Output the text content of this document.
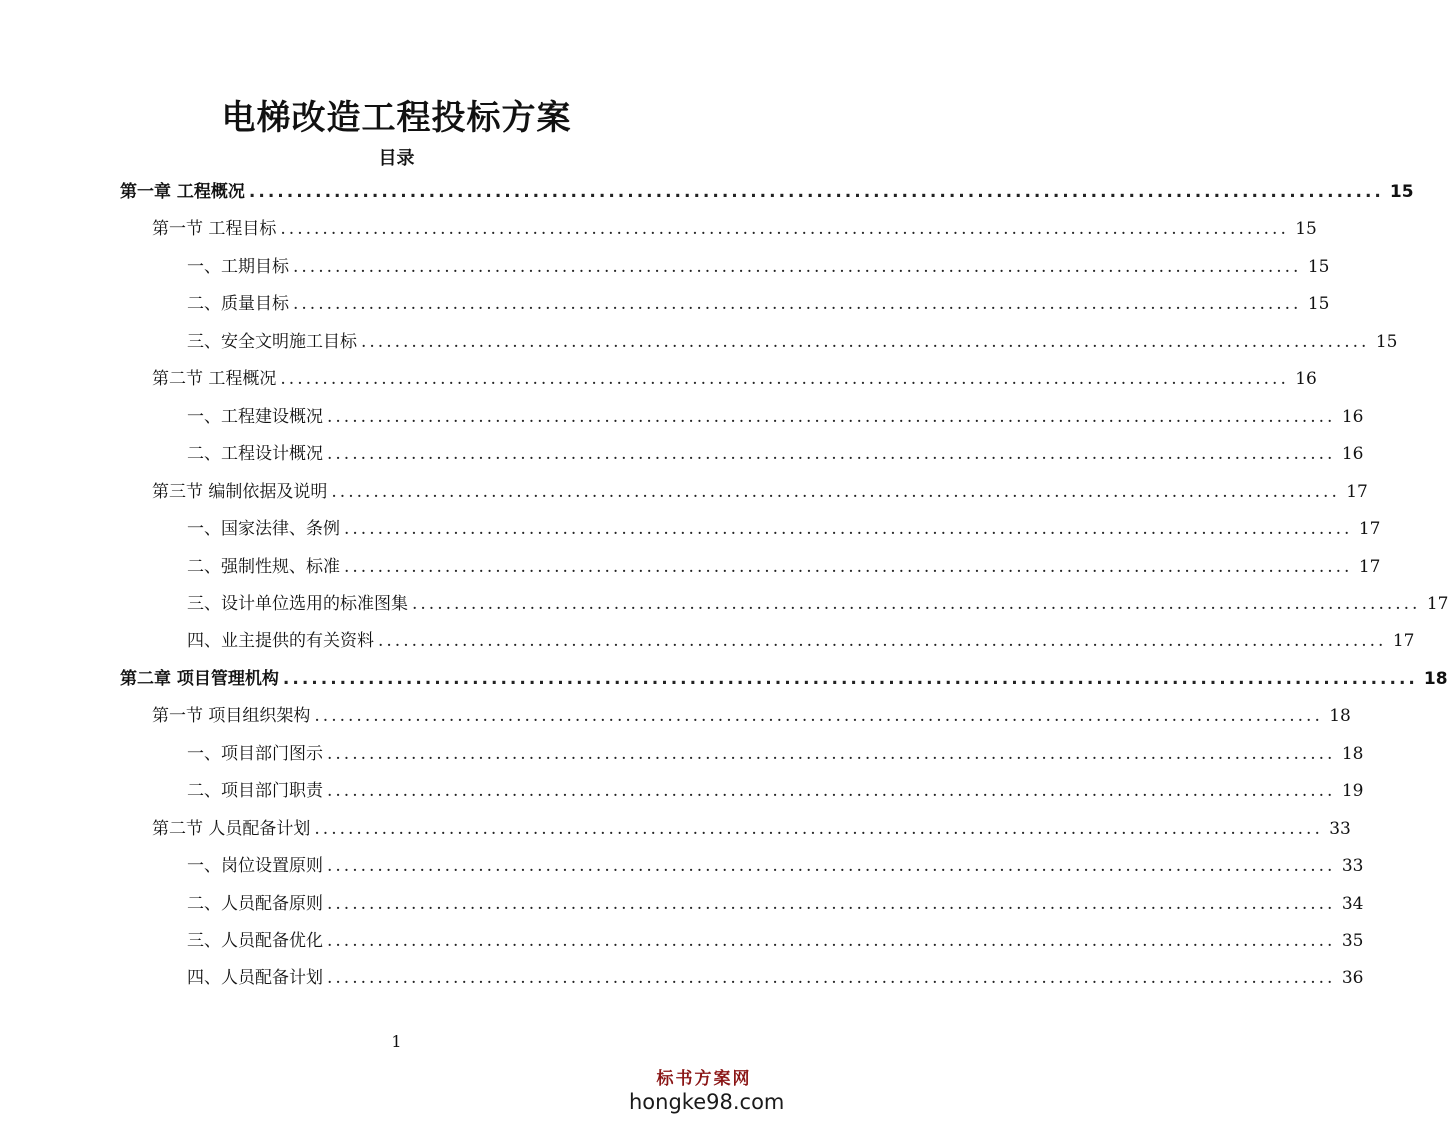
电梯改造工程投标方案
目录
第一章 工程概况 ........................................................................................................................ 15
第一节 工程目标 ........................................................................................................................ 15
一、工期目标 ........................................................................................................................ 15
二、质量目标 ........................................................................................................................ 15
三、安全文明施工目标 ........................................................................................................................ 15
第二节 工程概况 ........................................................................................................................ 16
一、工程建设概况 ........................................................................................................................ 16
二、工程设计概况 ........................................................................................................................ 16
第三节 编制依据及说明 ........................................................................................................................ 17
一、国家法律、条例 ........................................................................................................................ 17
二、强制性规、标准 ........................................................................................................................ 17
三、设计单位选用的标准图集 ........................................................................................................................ 17
四、业主提供的有关资料 ........................................................................................................................ 17
第二章 项目管理机构 ........................................................................................................................ 18
第一节 项目组织架构 ........................................................................................................................ 18
一、项目部门图示 ........................................................................................................................ 18
二、项目部门职责 ........................................................................................................................ 19
第二节 人员配备计划 ........................................................................................................................ 33
一、岗位设置原则 ........................................................................................................................ 33
二、人员配备原则 ........................................................................................................................ 34
三、人员配备优化 ........................................................................................................................ 35
四、人员配备计划 ........................................................................................................................ 36
1
标书方案网
hongke98.com
